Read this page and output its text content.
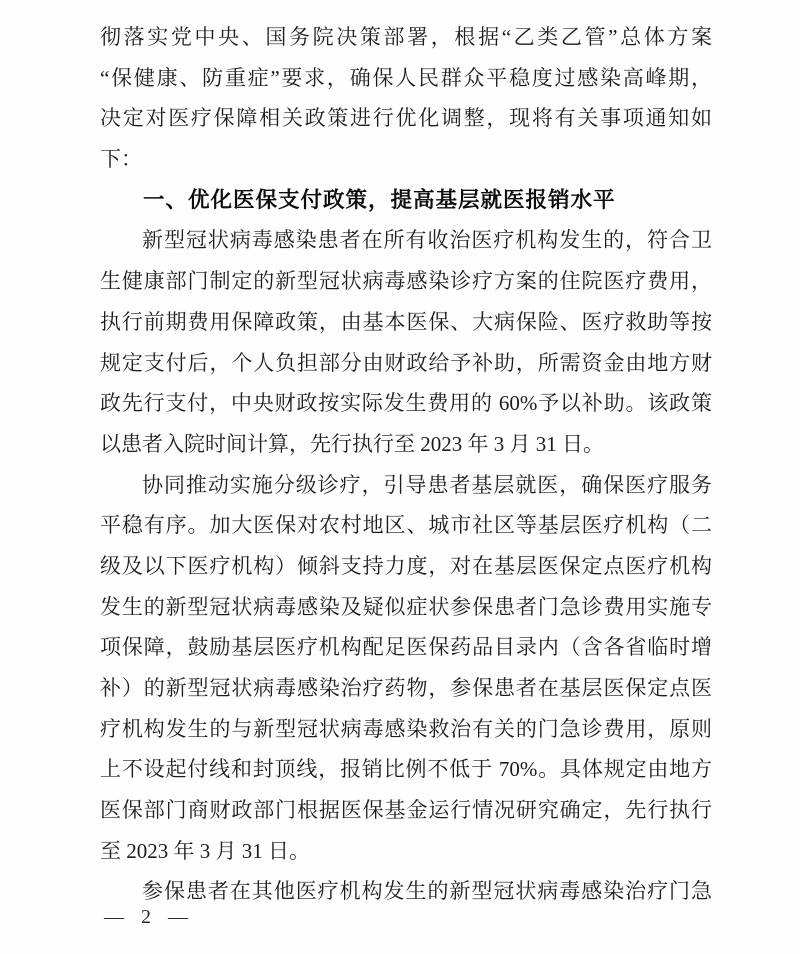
彻落实党中央、国务院决策部署，根据“乙类乙管”总体方案
“保健康、防重症”要求，确保人民群众平稳度过感染高峰期，
决定对医疗保障相关政策进行优化调整，现将有关事项通知如
下：
一、优化医保支付政策，提高基层就医报销水平
新型冠状病毒感染患者在所有收治医疗机构发生的，符合卫
生健康部门制定的新型冠状病毒感染诊疗方案的住院医疗费用，
执行前期费用保障政策，由基本医保、大病保险、医疗救助等按
规定支付后，个人负担部分由财政给予补助，所需资金由地方财
政先行支付，中央财政按实际发生费用的 60%予以补助。该政策
以患者入院时间计算，先行执行至 2023 年 3 月 31 日。
协同推动实施分级诊疗，引导患者基层就医，确保医疗服务
平稳有序。加大医保对农村地区、城市社区等基层医疗机构（二
级及以下医疗机构）倾斜支持力度，对在基层医保定点医疗机构
发生的新型冠状病毒感染及疑似症状参保患者门急诊费用实施专
项保障，鼓励基层医疗机构配足医保药品目录内（含各省临时增
补）的新型冠状病毒感染治疗药物，参保患者在基层医保定点医
疗机构发生的与新型冠状病毒感染救治有关的门急诊费用，原则
上不设起付线和封顶线，报销比例不低于 70%。具体规定由地方
医保部门商财政部门根据医保基金运行情况研究确定，先行执行
至 2023 年 3 月 31 日。
参保患者在其他医疗机构发生的新型冠状病毒感染治疗门急
— 2 —
